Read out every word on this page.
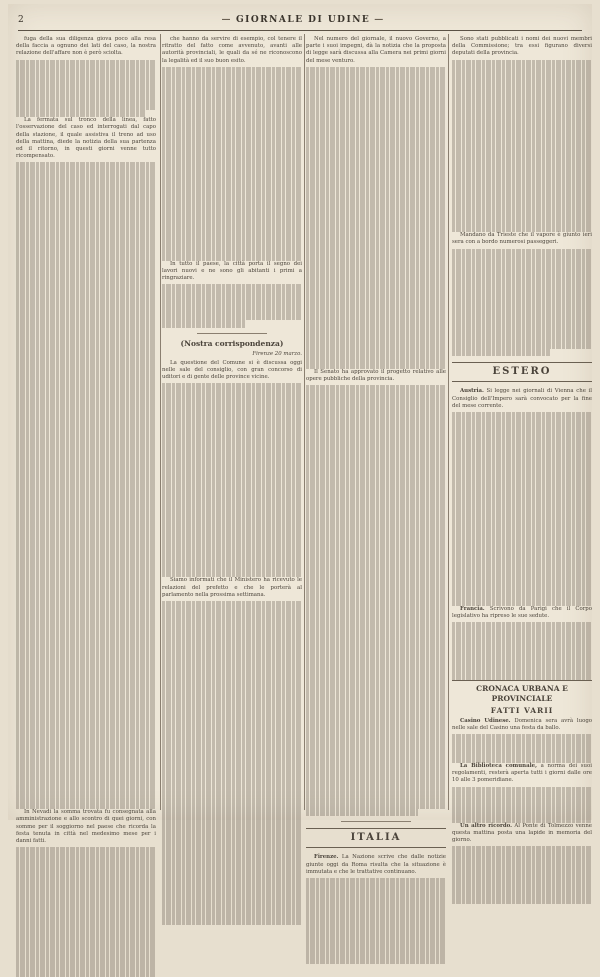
2
—	GIORNALE DI UDINE —

fuga della sua diligenza giova poco alla resa della faccia a ognuno dei lati del caso, la nostra relazione dell'affare non è però sciolta.

La fermata sul tronco della linea, fatto l'osservazione del caso ed interrogati dal capo della stazione, il quale assistiva il treno ad uso della mattina, diede la notizia della sua partenza ed il ritorno, in questi giorni venne tutto ricompensato.

In Nevadi la somma trovata fu consegnata alla amministrazione e allo scontro di quei giorni, con somme per il soggiorno nel paese che ricorda la festa tenuta in città nel medesimo mese per i danni fatti.

che hanno da servire di esempio, col tenere il ritratto del fatto come avvenuto, avanti alle autorità provinciali, le quali da sé ne riconoscono la legalità ed il suo buon esito.

In tutto il paese, la città porta il segno dei lavori nuovi e ne sono gli abitanti i primi a ringraziare.

(Nostra corrispondenza)

Firenze 20 marzo.

La questione del Comune si è discussa oggi nelle sale del consiglio, con gran concorso di uditori e di gente delle province vicine.

Siamo informati che il Ministero ha ricevuto le relazioni del prefetto e che le porterà al parlamento nella prossima settimana.

Nel numero del giornale, il nuovo Governo, a parte i suoi impegni, dà la notizia che la proposta di legge sarà discussa alla Camera nei primi giorni del mese venturo.

Il Senato ha approvato il progetto relativo alle opere pubbliche della provincia.

ITALIA

Firenze. La Nazione scrive che dalle notizie giunte oggi da Roma risulta che la situazione è immutata e che le trattative continuano.

Sono stati pubblicati i nomi dei nuovi membri della Commissione; tra essi figurano diversi deputati della provincia.

Mandano da Trieste che il vapore è giunto ieri sera con a bordo numerosi passeggeri.

ESTERO

Austria. Si legge nei giornali di Vienna che il Consiglio dell'Impero sarà convocato per la fine del mese corrente.

Francia. Scrivono da Parigi che il Corpo legislativo ha ripreso le sue sedute.

CRONACA URBANA E PROVINCIALE

FATTI VARII

Casino Udinese. Domenica sera avrà luogo nelle sale del Casino una festa da ballo.

La Biblioteca comunale, a norma dei suoi regolamenti, resterà aperta tutti i giorni dalle ore 10 alle 3 pomeridiane.

Un altro ricordo. Al Ponte di Tolmezzo venne questa mattina posta una lapide in memoria del giorno.
